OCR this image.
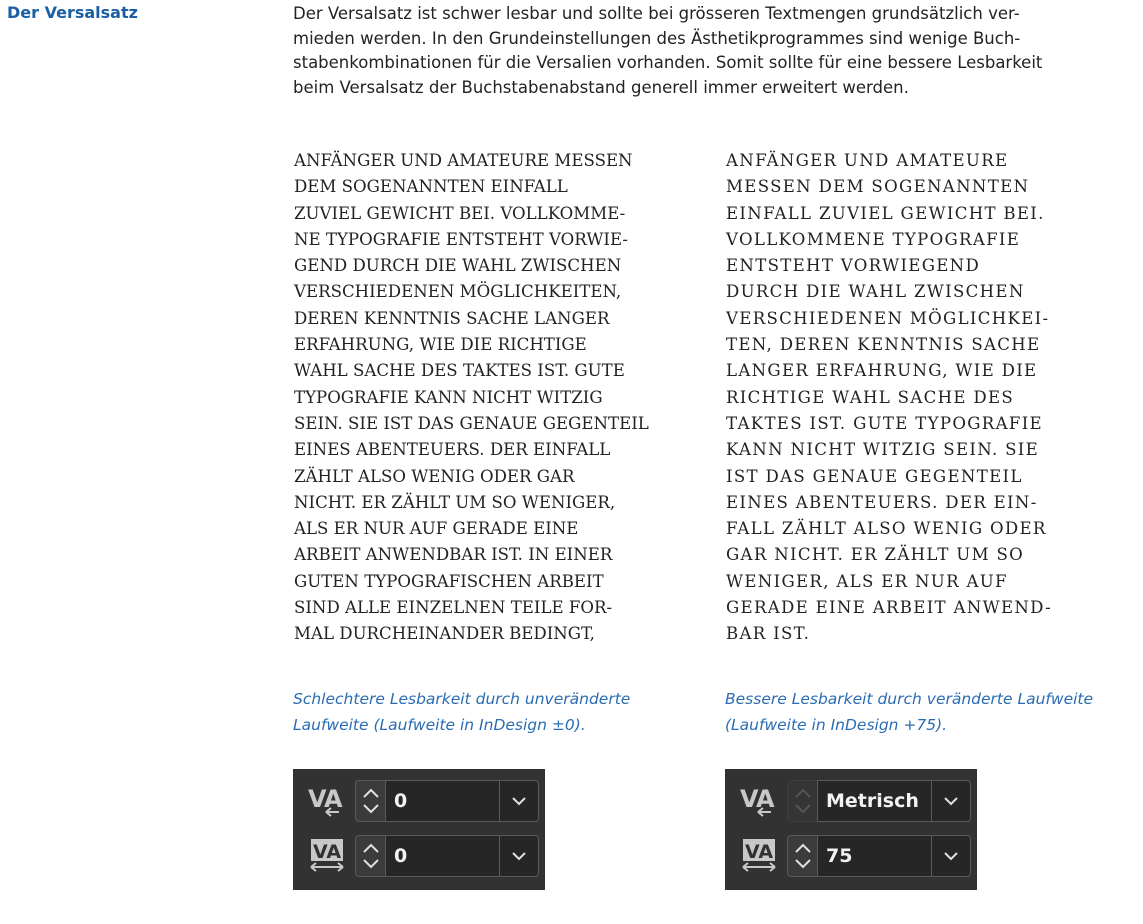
Der Versalsatz	Der Versalsatz ist schwer lesbar und sollte bei grösseren Textmengen grundsätzlich ver-
mieden werden. In den Grundeinstellungen des Ästhetikprogrammes sind wenige Buch-
stabenkombinationen für die Versalien vorhanden. Somit sollte für eine bessere Lesbarkeit
beim Versalsatz der Buchstabenabstand generell immer erweitert werden.
ANFÄNGER UND AMATEURE MESSEN
DEM SOGENANNTEN EINFALL
ZUVIEL GEWICHT BEI. VOLLKOMME-
NE TYPOGRAFIE ENTSTEHT VORWIE-
GEND DURCH DIE WAHL ZWISCHEN
VERSCHIEDENEN MÖGLICHKEITEN,
DEREN KENNTNIS SACHE LANGER
ERFAHRUNG, WIE DIE RICHTIGE
WAHL SACHE DES TAKTES IST. GUTE
TYPOGRAFIE KANN NICHT WITZIG
SEIN. SIE IST DAS GENAUE GEGENTEIL
EINES ABENTEUERS. DER EINFALL
ZÄHLT ALSO WENIG ODER GAR
NICHT. ER ZÄHLT UM SO WENIGER,
ALS ER NUR AUF GERADE EINE
ARBEIT ANWENDBAR IST. IN EINER
GUTEN TYPOGRAFISCHEN ARBEIT
SIND ALLE EINZELNEN TEILE FOR-
MAL DURCHEINANDER BEDINGT,
ANFÄNGER UND AMATEURE
MESSEN DEM SOGENANNTEN
EINFALL ZUVIEL GEWICHT BEI.
VOLLKOMMENE TYPOGRAFIE
ENTSTEHT VORWIEGEND
DURCH DIE WAHL ZWISCHEN
VERSCHIEDENEN MÖGLICHKEI-
TEN, DEREN KENNTNIS SACHE
LANGER ERFAHRUNG, WIE DIE
RICHTIGE WAHL SACHE DES
TAKTES IST. GUTE TYPOGRAFIE
KANN NICHT WITZIG SEIN. SIE
IST DAS GENAUE GEGENTEIL
EINES ABENTEUERS. DER EIN-
FALL ZÄHLT ALSO WENIG ODER
GAR NICHT. ER ZÄHLT UM SO
WENIGER, ALS ER NUR AUF
GERADE EINE ARBEIT ANWEND-
BAR IST.
Schlechtere Lesbarkeit durch unveränderte
Laufweite (Laufweite in InDesign ±0).
Bessere Lesbarkeit durch veränderte Laufweite
(Laufweite in InDesign +75).
V
A	0
VA	0
V
A	Metrisch
VA	75
